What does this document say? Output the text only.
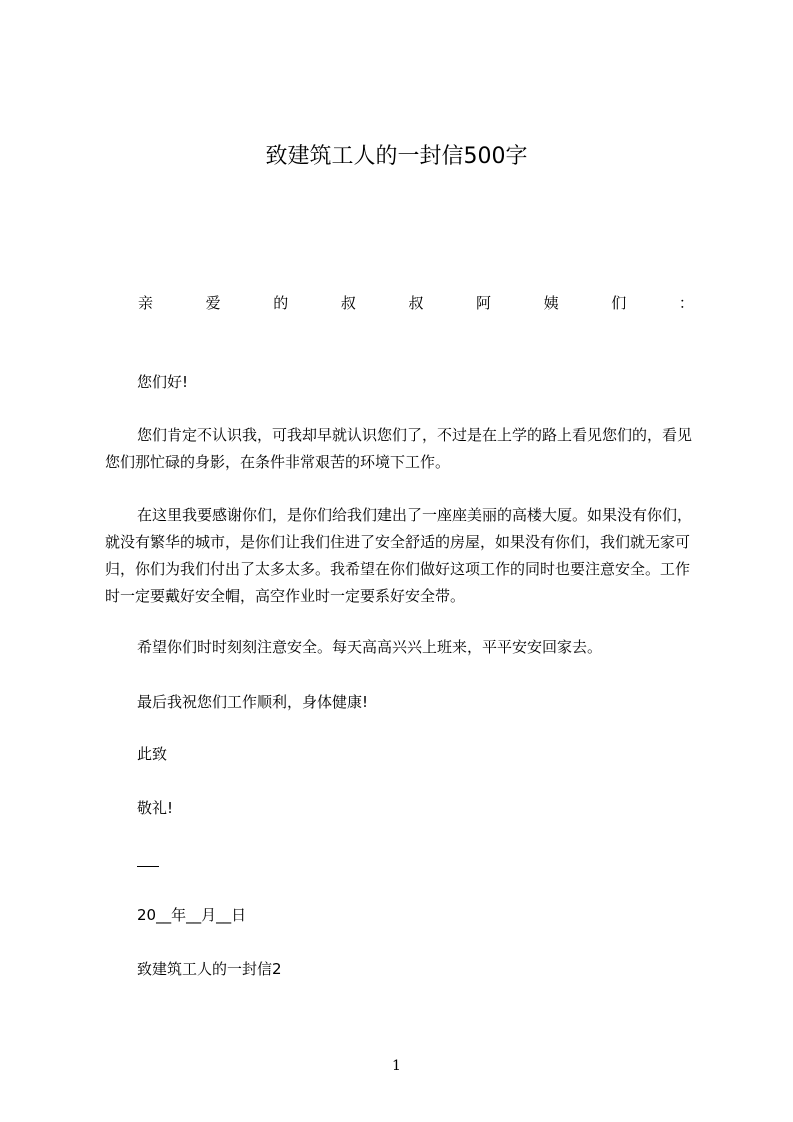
致建筑工人的一封信500字
亲	爱	的	叔	叔	阿	姨	们	：
您们好!

您们肯定不认识我，可我却早就认识您们了，不过是在上学的路上看见您们的，看见您们那忙碌的身影，在条件非常艰苦的环境下工作。

在这里我要感谢你们，是你们给我们建出了一座座美丽的高楼大厦。如果没有你们，就没有繁华的城市，是你们让我们住进了安全舒适的房屋，如果没有你们，我们就无家可归，你们为我们付出了太多太多。我希望在你们做好这项工作的同时也要注意安全。工作时一定要戴好安全帽，高空作业时一定要系好安全带。

希望你们时时刻刻注意安全。每天高高兴兴上班来，平平安安回家去。
最后我祝您们工作顺利，身体健康!
此致
敬礼!
20__年__月__日
致建筑工人的一封信2
1
